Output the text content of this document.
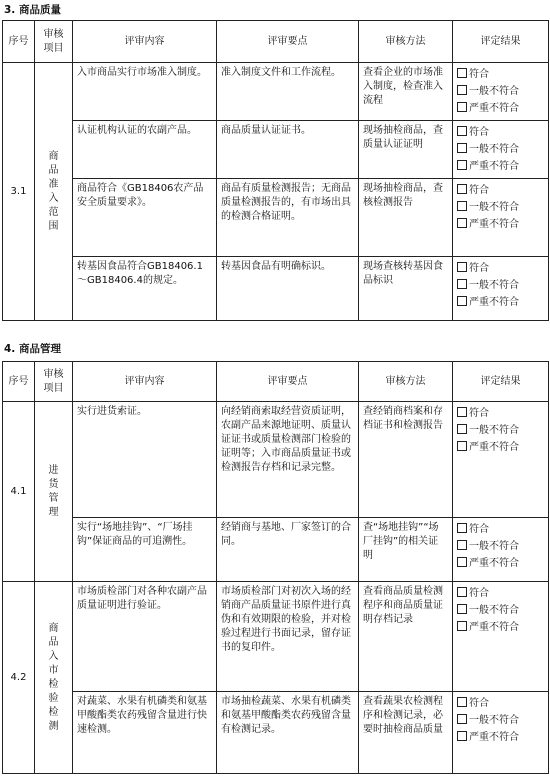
3. 商品质量
序号	审核项目	评审内容	评审要点	审核方法	评定结果
3.1	商品准入范围	入市商品实行市场准入制度。	准入制度文件和工作流程。	查看企业的市场准入制度，检查准入流程	符合
一般不符合
严重不符合

		认证机构认证的农副产品。	商品质量认证证书。	现场抽检商品，查质量认证证明	符合
一般不符合
严重不符合

		商品符合《GB18406农产品安全质量要求》。	商品有质量检测报告；无商品质量检测报告的，有市场出具的检测合格证明。	现场抽检商品，查核检测报告	符合
一般不符合
严重不符合

		转基因食品符合GB18406.1～GB18406.4的规定。	转基因食品有明确标识。	现场查核转基因食品标识	符合
一般不符合
严重不符合
4. 商品管理
序号	审核项目	评审内容	评审要点	审核方法	评定结果
4.1	进货管理	实行进货索证。	向经销商索取经营资质证明，农副产品来源地证明、质量认证证书或质量检测部门检验的证明等；入市商品质量证书或检测报告存档和记录完整。	查经销商档案和存档证书和检测报告	符合
一般不符合
严重不符合

		实行“场地挂钩”、“厂场挂钩”保证商品的可追溯性。	经销商与基地、厂家签订的合同。	查“场地挂钩”“场厂挂钩”的相关证明	符合
一般不符合
严重不符合

4.2	商品入市检验检测	市场质检部门对各种农副产品质量证明进行验证。	市场质检部门对初次入场的经销商产品质量证书原件进行真伪和有效期限的检验，并对检验过程进行书面记录，留存证书的复印件。	查看商品质量检测程序和商品质量证明存档记录	符合
一般不符合
严重不符合

		对蔬菜、水果有机磷类和氨基甲酸酯类农药残留含量进行快速检测。	市场抽检蔬菜、水果有机磷类和氨基甲酸酯类农药残留含量有检测记录。	查看蔬果农检测程序和检测记录，必要时抽检商品质量	符合
一般不符合
严重不符合
